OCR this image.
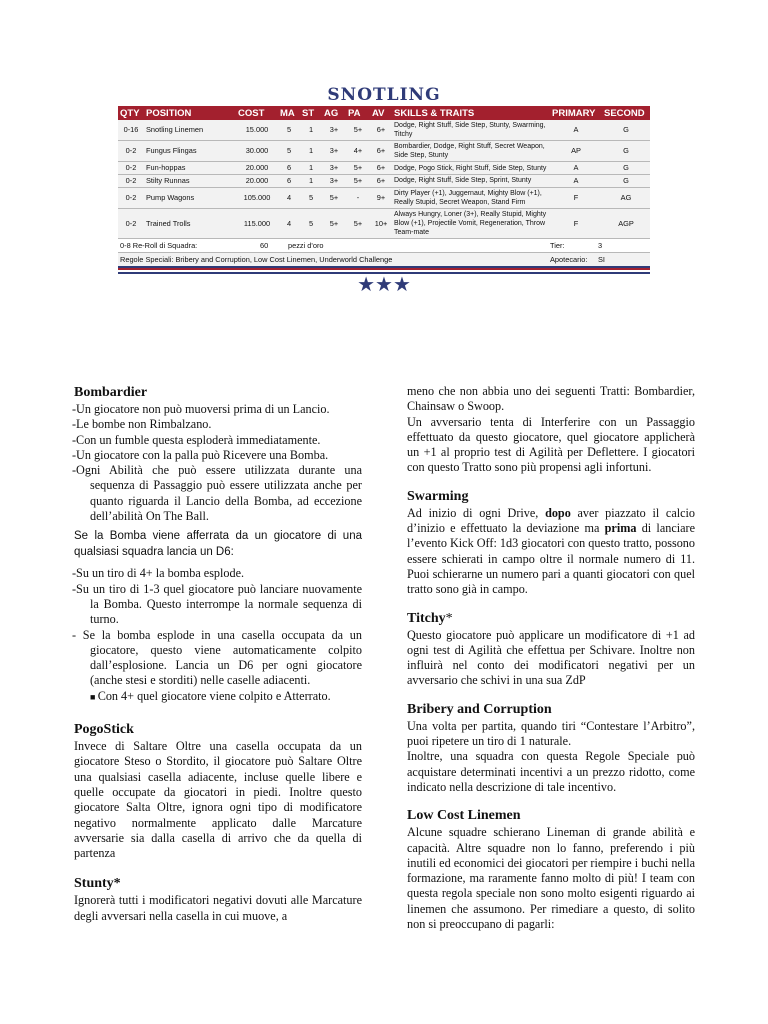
SNOTLING
QTY	POSITION	COST	MA	ST	AG	PA	AV	SKILLS & TRAITS	PRIMARY	SECOND
0-16	Snotling Linemen	15.000	5	1	3+	5+	6+	Dodge, Right Stuff, Side Step, Stunty, Swarming, Titchy	A	G
0-2	Fungus Flingas	30.000	5	1	3+	4+	6+	Bombardier, Dodge, Right Stuff, Secret Weapon, Side Step, Stunty	AP	G
0-2	Fun-hoppas	20.000	6	1	3+	5+	6+	Dodge, Pogo Stick, Right Stuff, Side Step, Stunty	A	G
0-2	Stilty Runnas	20.000	6	1	3+	5+	6+	Dodge, Right Stuff, Side Step, Sprint, Stunty	A	G
0-2	Pump Wagons	105.000	4	5	5+	-	9+	Dirty Player (+1), Juggernaut, Mighty Blow (+1), Really Stupid, Secret Weapon, Stand Firm	F	AG
0-2	Trained Trolls	115.000	4	5	5+	5+	10+	Always Hungry, Loner (3+), Really Stupid, Mighty Blow (+1), Projectile Vomit, Regeneration, Throw Team-mate	F	AGP
0-8 Re-Roll di Squadra:	60	pezzi d'oro	Tier:	3
Regole Speciali: Bribery and Corruption, Low Cost Linemen, Underworld Challenge	Apotecario:	SI
★★★
Bombardier
-Un giocatore non può muoversi prima di un Lancio.
-Le bombe non Rimbalzano.
-Con un fumble questa esploderà immediatamente.
-Un giocatore con la palla può Ricevere una Bomba.
-Ogni Abilità che può essere utilizzata durante una sequenza di Passaggio può essere utilizzata anche per quanto riguarda il Lancio della Bomba, ad eccezione dell’abilità On The Ball.

Se la Bomba viene afferrata da un giocatore di una qualsiasi squadra lancia un D6:

-Su un tiro di 4+ la bomba esplode.
-Su un tiro di 1-3 quel giocatore può lanciare nuovamente la Bomba. Questo interrompe la normale sequenza di turno.
- Se la bomba esplode in una casella occupata da un giocatore, questo viene automaticamente colpito dall’esplosione. Lancia un D6 per ogni giocatore (anche stesi e storditi) nelle caselle adiacenti.

■ Con 4+ quel giocatore viene colpito e Atterrato.

PogoStick

Invece di Saltare Oltre una casella occupata da un giocatore Steso o Stordito, il giocatore può Saltare Oltre una qualsiasi casella adiacente, incluse quelle libere e quelle occupate da giocatori in piedi. Inoltre questo giocatore Salta Oltre, ignora ogni tipo di modificatore negativo normalmente applicato dalle Marcature avversarie sia dalla casella di arrivo che da quella di partenza

Stunty*

Ignorerà tutti i modificatori negativi dovuti alle Marcature degli avversari nella casella in cui muove, a

meno che non abbia uno dei seguenti Tratti: Bombardier, Chainsaw o Swoop.

Un avversario tenta di Interferire con un Passaggio effettuato da questo giocatore, quel giocatore applicherà un +1 al proprio test di Agilità per Deflettere. I giocatori con questo Tratto sono più propensi agli infortuni.

Swarming

Ad inizio di ogni Drive, dopo aver piazzato il calcio d’inizio e effettuato la deviazione ma prima di lanciare l’evento Kick Off: 1d3 giocatori con questo tratto, possono essere schierati in campo oltre il normale numero di 11. Puoi schierarne un numero pari a quanti giocatori con quel tratto sono già in campo.

Titchy*

Questo giocatore può applicare un modificatore di +1 ad ogni test di Agilità che effettua per Schivare. Inoltre non influirà nel conto dei modificatori negativi per un avversario che schivi in una sua ZdP

Bribery and Corruption

Una volta per partita, quando tiri “Contestare l’Arbitro”, puoi ripetere un tiro di 1 naturale.

Inoltre, una squadra con questa Regole Speciale può acquistare determinati incentivi a un prezzo ridotto, come indicato nella descrizione di tale incentivo.

Low Cost Linemen

Alcune squadre schierano Lineman di grande abilità e capacità. Altre squadre non lo fanno, preferendo i più inutili ed economici dei giocatori per riempire i buchi nella formazione, ma raramente fanno molto di più! I team con questa regola speciale non sono molto esigenti riguardo ai linemen che assumono. Per rimediare a questo, di solito non si preoccupano di pagarli:
